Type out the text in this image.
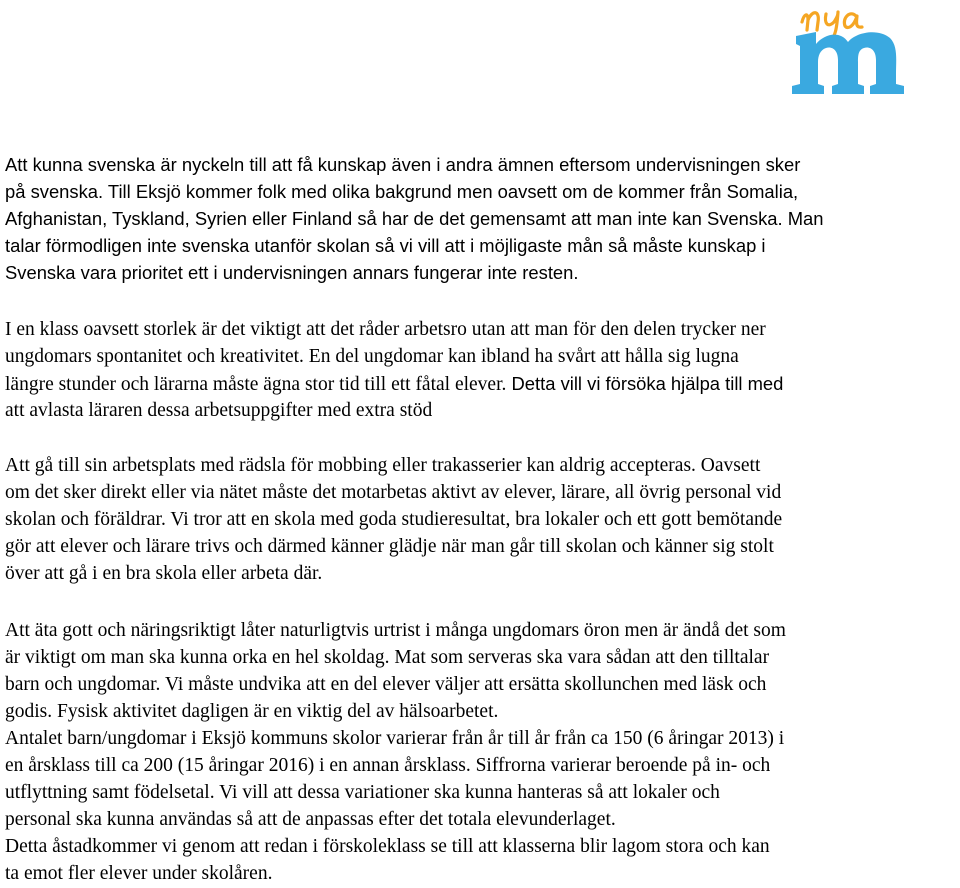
Att kunna svenska är nyckeln till att få kunskap även i andra ämnen eftersom undervisningen sker
på svenska. Till Eksjö kommer folk med olika bakgrund men oavsett om de kommer från Somalia,
Afghanistan, Tyskland, Syrien eller Finland så har de det gemensamt att man inte kan Svenska. Man
talar förmodligen inte svenska utanför skolan så vi vill att i möjligaste mån så måste kunskap i
Svenska vara prioritet ett i undervisningen annars fungerar inte resten.
I en klass oavsett storlek är det viktigt att det råder arbetsro utan att man för den delen trycker ner
ungdomars spontanitet och kreativitet. En del ungdomar kan ibland ha svårt att hålla sig lugna
längre stunder och lärarna måste ägna stor tid till ett fåtal elever. Detta vill vi försöka hjälpa till med
att avlasta läraren dessa arbetsuppgifter med extra stöd
Att gå till sin arbetsplats med rädsla för mobbing eller trakasserier kan aldrig accepteras. Oavsett
om det sker direkt eller via nätet måste det motarbetas aktivt av elever, lärare, all övrig personal vid
skolan och föräldrar. Vi tror att en skola med goda studieresultat, bra lokaler och ett gott bemötande
gör att elever och lärare trivs och därmed känner glädje när man går till skolan och känner sig stolt
över att gå i en bra skola eller arbeta där.
Att äta gott och näringsriktigt låter naturligtvis urtrist i många ungdomars öron men är ändå det som
är viktigt om man ska kunna orka en hel skoldag. Mat som serveras ska vara sådan att den tilltalar
barn och ungdomar. Vi måste undvika att en del elever väljer att ersätta skollunchen med läsk och
godis. Fysisk aktivitet dagligen är en viktig del av hälsoarbetet.
Antalet barn/ungdomar i Eksjö kommuns skolor varierar från år till år från ca 150 (6 åringar 2013) i
en årsklass till ca 200 (15 åringar 2016) i en annan årsklass. Siffrorna varierar beroende på in- och
utflyttning samt födelsetal. Vi vill att dessa variationer ska kunna hanteras så att lokaler och
personal ska kunna användas så att de anpassas efter det totala elevunderlaget.
Detta åstadkommer vi genom att redan i förskoleklass se till att klasserna blir lagom stora och kan
ta emot fler elever under skolåren.
